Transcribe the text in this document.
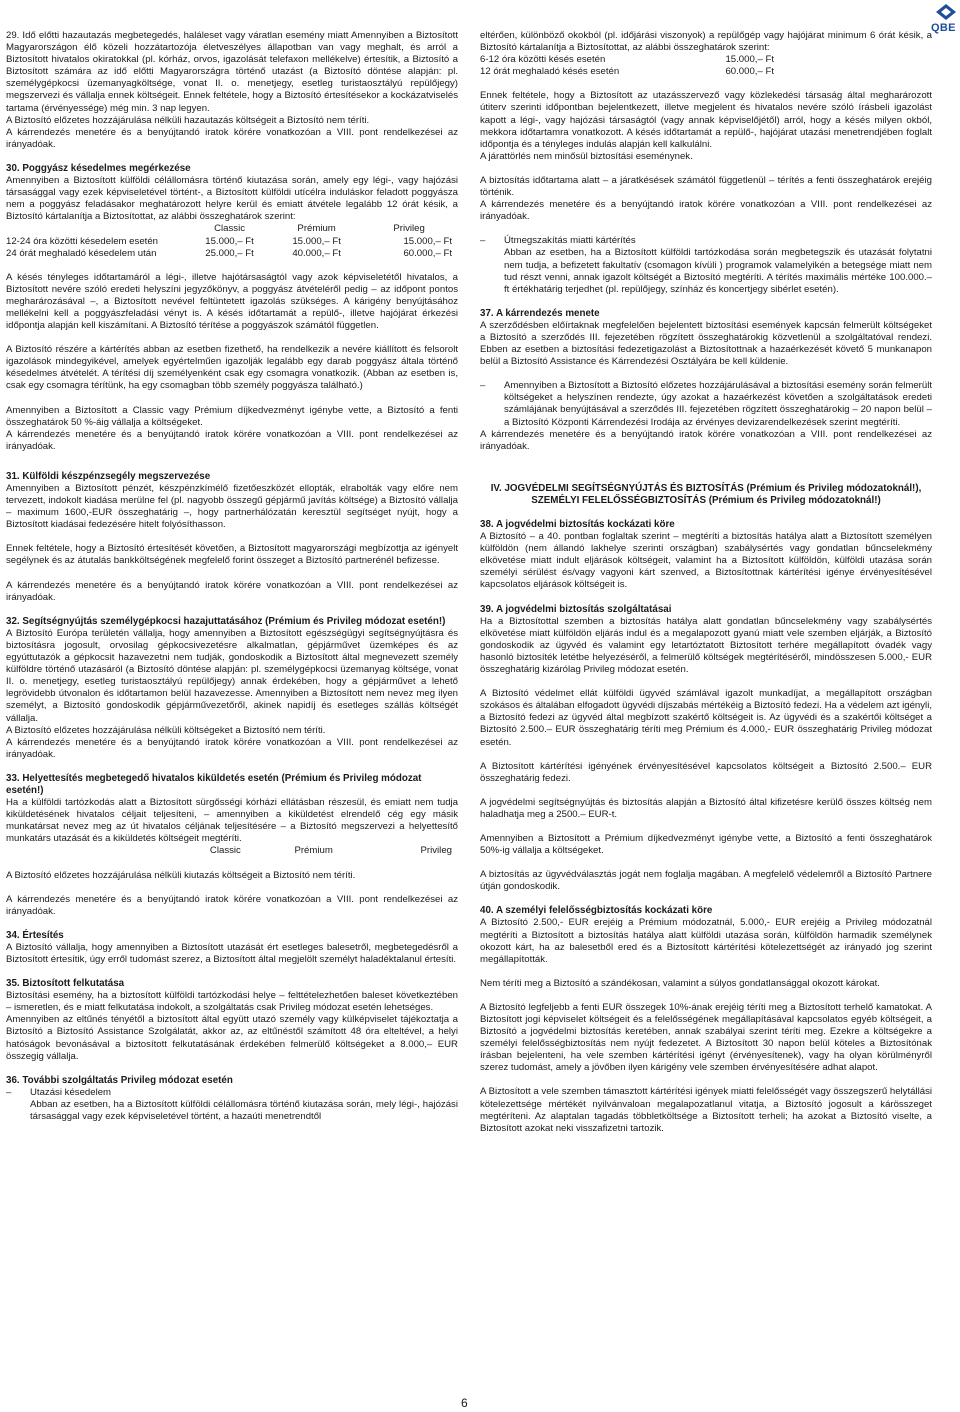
QBE

29. Idő előtti hazautazás megbetegedés, haláleset vagy váratlan esemény miatt Amennyiben a Biztosított Magyarországon élő közeli hozzátartozója életveszélyes állapotban van vagy meghalt, és arról a Biztosított hivatalos okiratokkal (pl. kórház, orvos, igazolását telefaxon mellékelve) értesítik, a Biztosító a Biztosított számára az idő előtti Magyarországra történő utazást (a Biztosító döntése alapján: pl. személygépkocsi üzemanyagköltsége, vonat II. o. menetjegy, esetleg turistaosztályú repülőjegy) megszervezi és vállalja ennek költségeit. Ennek feltétele, hogy a Biztosító értesítésekor a kockázatviselés tartama (érvényessége) még min. 3 nap legyen.

A Biztosító előzetes hozzájárulása nélküli hazautazás költségeit a Biztosító nem téríti.

A kárrendezés menetére és a benyújtandó iratok körére vonatkozóan a VIII. pont rendelkezései az irányadóak.

30. Poggyász késedelmes megérkezése

Amennyiben a Biztosított külföldi célállomásra történő kiutazása során, amely egy légi-, vagy hajózási társasággal vagy ezek képviseletével történt-, a Biztosított külföldi utícélra induláskor feladott poggyásza nem a poggyász feladásakor meghatározott helyre kerül és emiatt átvétele legalább 12 órát késik, a Biztosító kártalanítja a Biztosítottat, az alábbi összeghatárok szerint:

	Classic	Prémium	Privileg
12-24 óra közötti késedelem esetén	15.000,– Ft	15.000,– Ft	15.000,– Ft
24 órát meghaladó késedelem után	25.000,– Ft	40.000,– Ft	60.000,– Ft

A késés tényleges időtartamáról a légi-, illetve hajótársaságtól vagy azok képviseletétől hivatalos, a Biztosított nevére szóló eredeti helyszíni jegyzőkönyv, a poggyász átvételéről pedig – az időpont pontos megharározásával –, a Biztosított nevével feltüntetett igazolás szükséges. A kárigény benyújtásához mellékelni kell a poggyászfeladási vényt is. A késés időtartamát a repülő-, illetve hajójárat érkezési időpontja alapján kell kiszámítani. A Biztosító térítése a poggyászok számától független.

A Biztosító részére a kártérítés abban az esetben fizethető, ha rendelkezik a nevére kiállított és felsorolt igazolások mindegyikével, amelyek egyértelműen igazolják legalább egy darab poggyász általa történő késedelmes átvételét. A térítési díj személyenként csak egy csomagra vonatkozik. (Abban az esetben is, csak egy csomagra térítünk, ha egy csomagban több személy poggyásza található.)

Amennyiben a Biztosított a Classic vagy Prémium díjkedvezményt igénybe vette, a Biztosító a fenti összeghatárok 50 %-áig vállalja a költségeket.

A kárrendezés menetére és a benyújtandó iratok körére vonatkozóan a VIII. pont rendelkezései az irányadóak.

31. Külföldi készpénzsegély megszervezése

Amennyiben a Biztosított pénzét, készpénzkímélő fizetőeszközét ellopták, elrabolták vagy előre nem tervezett, indokolt kiadása merülne fel (pl. nagyobb összegű gépjármű javítás költsége) a Biztosító vállalja – maximum 1600,-EUR összeghatárig –, hogy partnerhálózatán keresztül segítséget nyújt, hogy a Biztosított kiadásai fedezésére hitelt folyósíthasson.

Ennek feltétele, hogy a Biztosító értesítését követően, a Biztosított magyarországi megbízottja az igényelt segélynek és az átutalás bankköltségének megfelelő forint összeget a Biztosító partnerénél befizesse.

A kárrendezés menetére és a benyújtandó iratok körére vonatkozóan a VIII. pont rendelkezései az irányadóak.

32. Segítségnyújtás személygépkocsi hazajuttatásához (Prémium és Privileg módozat esetén!)

A Biztosító Európa területén vállalja, hogy amennyiben a Biztosított egészségügyi segítségnyújtásra és biztosításra jogosult, orvosilag gépkocsivezetésre alkalmatlan, gépjárművet üzemképes és az egyúttutazók a gépkocsit hazavezetni nem tudják, gondoskodik a Biztosított által megnevezett személy külföldre történő utazásáról (a Biztosító döntése alapján: pl. személygépkocsi üzemanyag költsége, vonat II. o. menetjegy, esetleg turistaosztályú repülőjegy) annak érdekében, hogy a gépjárművet a lehető legrövidebb útvonalon és időtartamon belül hazavezesse. Amennyiben a Biztosított nem nevez meg ilyen személyt, a Biztosító gondoskodik gépjárművezetőről, akinek napidíj és esetleges szállás költségét vállalja.

A Biztosító előzetes hozzájárulása nélküli költségeket a Biztosító nem téríti.

A kárrendezés menetére és a benyújtandó iratok körére vonatkozóan a VIII. pont rendelkezései az irányadóak.

33. Helyettesítés megbetegedő hivatalos kiküldetés esetén (Prémium és Privileg módozat esetén!)

Ha a külföldi tartózkodás alatt a Biztosított sürgősségi kórházi ellátásban részesül, és emiatt nem tudja kiküldetésének hivatalos céljait teljesíteni, – amennyiben a kiküldetést elrendelő cég egy másik munkatársat nevez meg az út hivatalos céljának teljesítésére – a Biztosító megszervezi a helyettesítő munkatárs utazását és a kiküldetés költségeit megtéríti.

	Classic	Prémium	Privileg

A Biztosító előzetes hozzájárulása nélküli kiutazás költségeit a Biztosító nem téríti.

A kárrendezés menetére és a benyújtandó iratok körére vonatkozóan a VIII. pont rendelkezései az irányadóak.

34. Értesítés

A Biztosító vállalja, hogy amennyiben a Biztosított utazását ért esetleges balesetről, megbetegedésről a Biztosított értesítik, úgy erről tudomást szerez, a Biztosított által megjelölt személyt haladéktalanul értesíti.

35. Biztosított felkutatása

Biztosítási esemény, ha a biztosított külföldi tartózkodási helye – felttételezhetően baleset következtében – ismeretlen, és e miatt felkutatása indokolt, a szolgáltatás csak Privileg módozat esetén lehetséges.

Amennyiben az eltűnés tényétől a biztosított által együtt utazó személy vagy külképviselet tájékoztatja a Biztosító a Biztosító Assistance Szolgálatát, akkor az, az eltűnéstől számított 48 óra elteltével, a helyi hatóságok bevonásával a biztosított felkutatásának érdekében felmerülő költségeket a 8.000,– EUR összegig vállalja.

36. További szolgáltatás Privileg módozat esetén
–	Utazási késedelem

Abban az esetben, ha a Biztosított külföldi célállomásra történő kiutazása során, mely légi-, hajózási társasággal vagy ezek képviseletével történt, a hazaúti menetrendtől

eltérően, különböző okokból (pl. időjárási viszonyok) a repülőgép vagy hajójárat minimum 6 órát késik, a Biztosító kártalanítja a Biztosítottat, az alábbi összeghatárok szerint:

6-12 óra közötti késés esetén	15.000,– Ft
12 órát meghaladó késés esetén	60.000,– Ft

Ennek feltétele, hogy a Biztosított az utazásszervező vagy közlekedési társaság által megharározott útiterv szerinti időpontban bejelentkezett, illetve megjelent és hivatalos nevére szóló írásbeli igazolást kapott a légi-, vagy hajózási társaságtól (vagy annak képviselőjétől) arról, hogy a késés milyen okból, mekkora időtartamra vonatkozott. A késés időtartamát a repülő-, hajójárat utazási menetrendjében foglalt időpontja és a tényleges indulás alapján kell kalkulálni.

A járattörlés nem minősül biztosítási eseménynek.

A biztosítás időtartama alatt – a járatkésések számától függetlenül – térítés a fenti összeghatárok erejéig történik.

A kárrendezés menetére és a benyújtandó iratok körére vonatkozóan a VIII. pont rendelkezései az irányadóak.

–	Útmegszakítás miatti kártérítés

Abban az esetben, ha a Biztosított külföldi tartózkodása során megbetegszik és utazását folytatni nem tudja, a befizetett fakultatív (csomagon kívüli ) programok valamelyikén a betegsége miatt nem tud részt venni, annak igazolt költségét a Biztosító megtéríti. A térítés maximális mértéke 100.000.– ft értékhatárig terjedhet (pl. repülőjegy, színház és koncertjegy sibérlet esetén).

37. A kárrendezés menete

A szerződésben előírtaknak megfelelően bejelentett biztosítási események kapcsán felmerült költségeket a Biztosító a szerződés III. fejezetében rögzített összeghatárokig közvetlenül a szolgáltatóval rendezi. Ebben az esetben a biztosítási fedezetigazolást a Biztosítottnak a hazaérkezését követő 5 munkanapon belül a Biztosító Assistance és Kárrendezési Osztályára be kell küldenie.

–	Amennyiben a Biztosított a Biztosító előzetes hozzájárulásával a biztosítási esemény során felmerült költségeket a helyszínen rendezte, úgy azokat a hazaérkezést követően a szolgáltatások eredeti számlájának benyújtásával a szerződés III. fejezetében rögzített összeghatárokig – 20 napon belül – a Biztosító Központi Kárrendezési Irodája az érvényes devizarendelkezések szerint megtéríti.

A kárrendezés menetére és a benyújtandó iratok körére vonatkozóan a VIII. pont rendelkezései az irányadóak.

IV. JOGVÉDELMI SEGÍTSÉGNYÚJTÁS ÉS BIZTOSÍTÁS (Prémium és Privileg módozatoknál!),
SZEMÉLYI FELELŐSSÉGBIZTOSÍTÁS (Prémium és Privileg módozatoknál!)
38. A jogvédelmi biztosítás kockázati köre

A Biztosító – a 40. pontban foglaltak szerint – megtéríti a biztosítás hatálya alatt a Biztosított személyen külföldön (nem állandó lakhelye szerinti országban) szabálysértés vagy gondatlan bűncselekmény elkövetése miatt indult eljárások költségeit, valamint ha a Biztosított külföldön, külföldi utazása során személyi sérülést és/vagy vagyoni kárt szenved, a Biztosítottnak kártérítési igénye érvényesítésével kapcsolatos eljárások költségeit is.

39. A jogvédelmi biztosítás szolgáltatásai

Ha a Biztosítottal szemben a biztosítás hatálya alatt gondatlan bűncselekmény vagy szabálysértés elkövetése miatt külföldön eljárás indul és a megalapozott gyanú miatt vele szemben eljárják, a Biztosító gondoskodik az ügyvéd és valamint egy letartóztatott Biztosított terhére megállapított óvadék vagy hasonló biztosíték letétbe helyezéséről, a felmerülő költségek megtérítéséről, mindösszesen 5.000,- EUR összeghatárig kizárólag Privileg módozat esetén.

A Biztosító védelmet ellát külföldi ügyvéd számlával igazolt munkadíjat, a megállapított országban szokásos és általában elfogadott ügyvédi díjszabás mértékéig a Biztosító fedezi. Ha a védelem azt igényli, a Biztosító fedezi az ügyvéd által megbízott szakértő költségeit is. Az ügyvédi és a szakértői költséget a Biztosító 2.500.– EUR összeghatárig téríti meg Prémium és 4.000,- EUR összeghatárig Privileg módozat esetén.

A Biztosított kártérítési igényének érvényesítésével kapcsolatos költségeit a Biztosító 2.500.– EUR összeghatárig fedezi.

A jogvédelmi segítségnyújtás és biztosítás alapján a Biztosító által kifizetésre kerülő összes költség nem haladhatja meg a 2500.– EUR-t.

Amennyiben a Biztosított a Prémium díjkedvezményt igénybe vette, a Biztosító a fenti összeghatárok 50%-ig vállalja a költségeket.

A biztosítás az ügyvédválasztás jogát nem foglalja magában. A megfelelő védelemről a Biztosító Partnere útján gondoskodik.

40. A személyi felelősségbiztosítás kockázati köre

A Biztosító 2.500,- EUR erejéig a Prémium módozatnál, 5.000,- EUR erejéig a Privileg módozatnál megtéríti a Biztosított a biztosítás hatálya alatt külföldi utazása során, külföldön harmadik személynek okozott kárt, ha az balesetből ered és a Biztosított kártérítési kötelezettségét az irányadó jog szerint megállapították.

Nem téríti meg a Biztosító a szándékosan, valamint a súlyos gondatlansággal okozott károkat.

A Biztosító legfeljebb a fenti EUR összegek 10%-ának erejéig téríti meg a Biztosított terhelő kamatokat. A Biztosított jogi képviselet költségeit és a felelősségének megállapításával kapcsolatos egyéb költségeit, a Biztosító a jogvédelmi biztosítás keretében, annak szabályai szerint téríti meg. Ezekre a költségekre a személyi felelősségbiztosítás nem nyújt fedezetet. A Biztosított 30 napon belül köteles a Biztosítónak írásban bejelenteni, ha vele szemben kártérítési igényt (érvényesítenek), vagy ha olyan körülményről szerez tudomást, amely a jövőben ilyen kárigény vele szemben érvényesítésére adhat alapot.

A Biztosított a vele szemben támasztott kártérítési igények miatti felelősségét vagy összegszerű helytállási kötelezettsége mértékét nyilvánvaloan megalapozatlanul vitatja, a Biztosító jogosult a kárösszeget megtéríteni. Az alaptalan tagadás többletköltsége a Biztosított terheli; ha azokat a Biztosító viselte, a Biztosított azokat neki visszafizetni tartozik.

6
